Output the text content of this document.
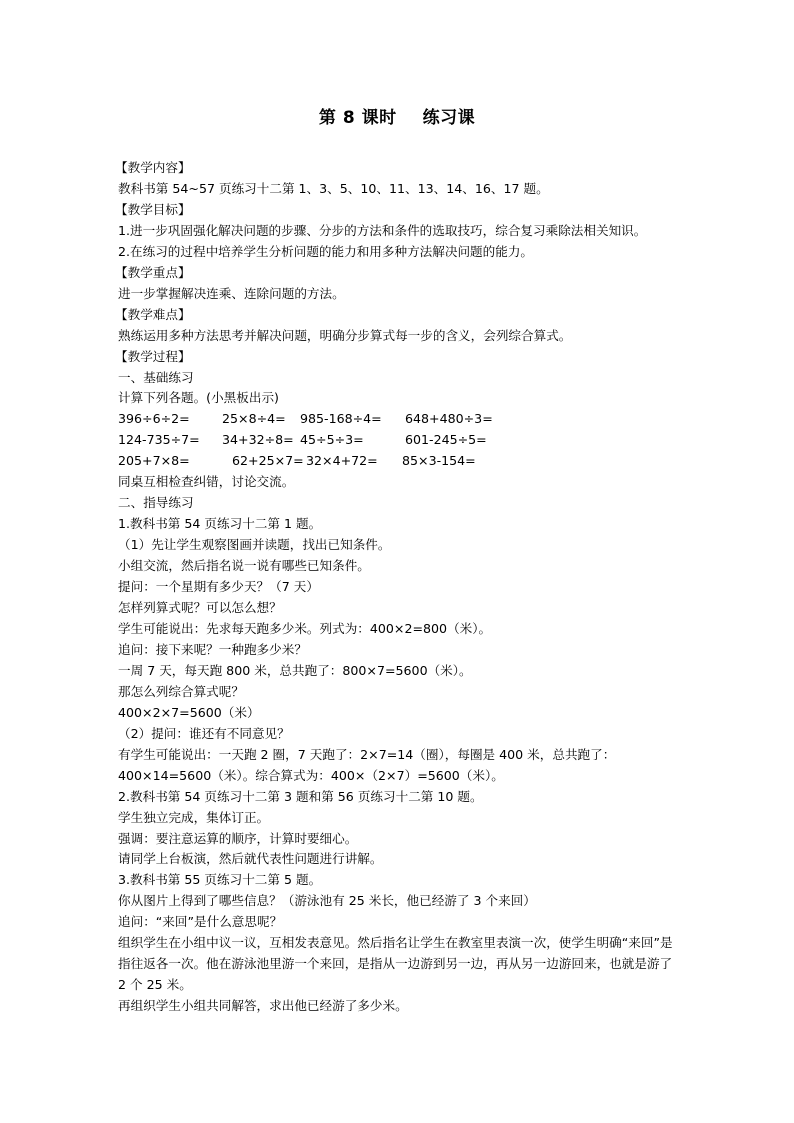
第 8 课时 练习课
【教学内容】
教科书第 54~57 页练习十二第 1、3、5、10、11、13、14、16、17 题。
【教学目标】
1.进一步巩固强化解决问题的步骤、分步的方法和条件的选取技巧，综合复习乘除法相关知识。
2.在练习的过程中培养学生分析问题的能力和用多种方法解决问题的能力。
【教学重点】
进一步掌握解决连乘、连除问题的方法。
【教学难点】
熟练运用多种方法思考并解决问题，明确分步算式每一步的含义，会列综合算式。
【教学过程】
一、基础练习
计算下列各题。(小黑板出示)
396÷6÷2=	25×8÷4=	985-168÷4=	648+480÷3=
124-735÷7=	34+32÷8= 45÷5÷3=	601-245÷5=
205+7×8=	62+25×7= 32×4+72=	85×3-154=
同桌互相检查纠错，讨论交流。
二、指导练习
1.教科书第 54 页练习十二第 1 题。
（1）先让学生观察图画并读题，找出已知条件。
小组交流，然后指名说一说有哪些已知条件。
提问：一个星期有多少天？（7 天）
怎样列算式呢？可以怎么想？
学生可能说出：先求每天跑多少米。列式为：400×2=800（米）。
追问：接下来呢？一种跑多少米？
一周 7 天，每天跑 800 米，总共跑了：800×7=5600（米）。
那怎么列综合算式呢？
400×2×7=5600（米）
（2）提问：谁还有不同意见？
有学生可能说出：一天跑 2 圈，7 天跑了：2×7=14（圈），每圈是 400 米，总共跑了：400×14=5600（米）。综合算式为：400×（2×7）=5600（米）。
2.教科书第 54 页练习十二第 3 题和第 56 页练习十二第 10 题。
学生独立完成，集体订正。
强调：要注意运算的顺序，计算时要细心。
请同学上台板演，然后就代表性问题进行讲解。
3.教科书第 55 页练习十二第 5 题。
你从图片上得到了哪些信息？（游泳池有 25 米长，他已经游了 3 个来回）
追问：“来回”是什么意思呢？
组织学生在小组中议一议，互相发表意见。然后指名让学生在教室里表演一次，使学生明确“来回”是指往返各一次。他在游泳池里游一个来回，是指从一边游到另一边，再从另一边游回来，也就是游了 2 个 25 米。
再组织学生小组共同解答，求出他已经游了多少米。
